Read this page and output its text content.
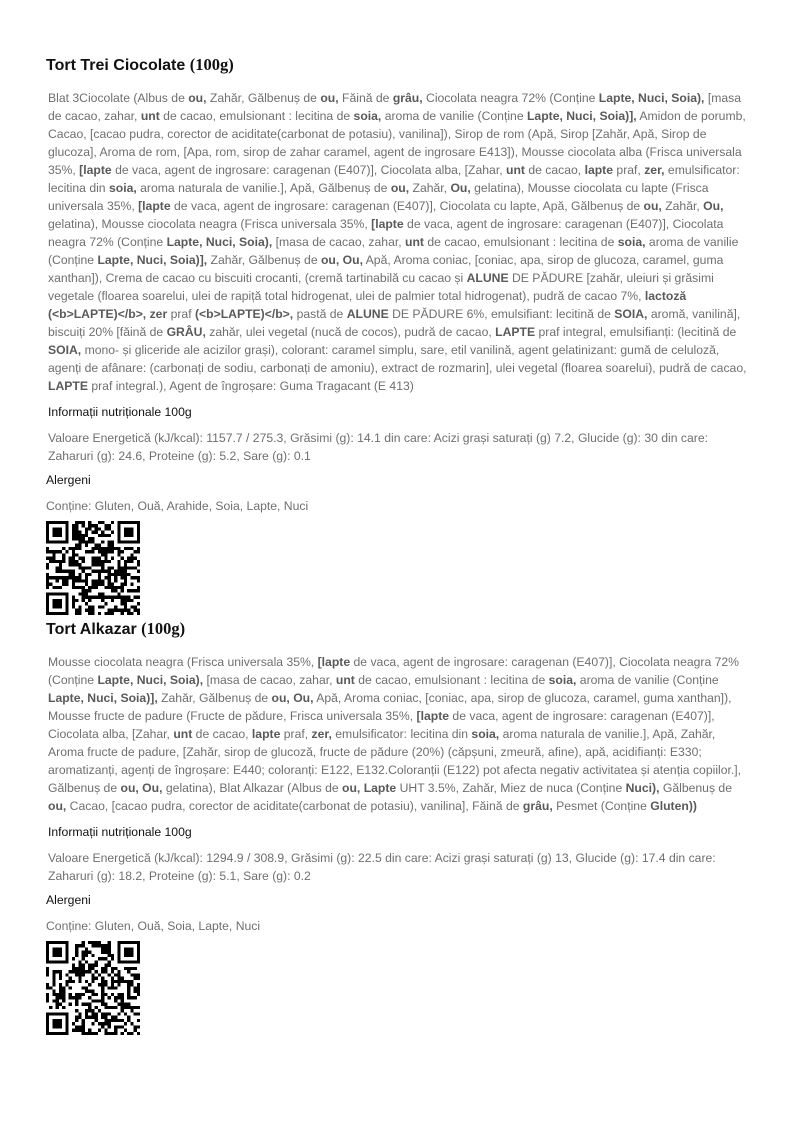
Tort Trei Ciocolate (100g)

Blat 3Ciocolate (Albus de ou, Zahăr, Gălbenuș de ou, Făină de grâu, Ciocolata neagra 72% (Conține Lapte, Nuci, Soia), [masa de cacao, zahar, unt de cacao, emulsionant : lecitina de soia, aroma de vanilie (Conține Lapte, Nuci, Soia)], Amidon de porumb, Cacao, [cacao pudra, corector de aciditate(carbonat de potasiu), vanilina]), Sirop de rom (Apă, Sirop [Zahăr, Apă, Sirop de glucoza], Aroma de rom, [Apa, rom, sirop de zahar caramel, agent de ingrosare E413]), Mousse ciocolata alba (Frisca universala 35%, [lapte de vaca, agent de ingrosare: caragenan (E407)], Ciocolata alba, [Zahar, unt de cacao, lapte praf, zer, emulsificator: lecitina din soia, aroma naturala de vanilie.], Apă, Gălbenuș de ou, Zahăr, Ou, gelatina), Mousse ciocolata cu lapte (Frisca universala 35%, [lapte de vaca, agent de ingrosare: caragenan (E407)], Ciocolata cu lapte, Apă, Gălbenuș de ou, Zahăr, Ou, gelatina), Mousse ciocolata neagra (Frisca universala 35%, [lapte de vaca, agent de ingrosare: caragenan (E407)], Ciocolata neagra 72% (Conține Lapte, Nuci, Soia), [masa de cacao, zahar, unt de cacao, emulsionant : lecitina de soia, aroma de vanilie (Conține Lapte, Nuci, Soia)], Zahăr, Gălbenuș de ou, Ou, Apă, Aroma coniac, [coniac, apa, sirop de glucoza, caramel, guma xanthan]), Crema de cacao cu biscuiti crocanti, (cremă tartinabilă cu cacao și ALUNE DE PĂDURE [zahăr, uleiuri și grăsimi vegetale (floarea soarelui, ulei de rapiță total hidrogenat, ulei de palmier total hidrogenat), pudră de cacao 7%, lactoză (<b>LAPTE)</b>, zer praf (<b>LAPTE)</b>, pastă de ALUNE DE PĂDURE 6%, emulsifiant: lecitină de SOIA, aromă, vanilină], biscuiți 20% [făină de GRÂU, zahăr, ulei vegetal (nucă de cocos), pudră de cacao, LAPTE praf integral, emulsifianți: (lecitină de SOIA, mono- și gliceride ale acizilor grași), colorant: caramel simplu, sare, etil vanilină, agent gelatinizant: gumă de celuloză, agenți de afânare: (carbonați de sodiu, carbonați de amoniu), extract de rozmarin], ulei vegetal (floarea soarelui), pudră de cacao, LAPTE praf integral.), Agent de îngroșare: Guma Tragacant (E 413)

Informații nutriționale 100g

Valoare Energetică (kJ/kcal): 1157.7 / 275.3, Grăsimi (g): 14.1 din care: Acizi grași saturați (g) 7.2, Glucide (g): 30 din care: Zaharuri (g): 24.6, Proteine (g): 5.2, Sare (g): 0.1

Alergeni

Conține: Gluten, Ouă, Arahide, Soia, Lapte, Nuci

Tort Alkazar (100g)

Mousse ciocolata neagra (Frisca universala 35%, [lapte de vaca, agent de ingrosare: caragenan (E407)], Ciocolata neagra 72% (Conține Lapte, Nuci, Soia), [masa de cacao, zahar, unt de cacao, emulsionant : lecitina de soia, aroma de vanilie (Conține Lapte, Nuci, Soia)], Zahăr, Gălbenuș de ou, Ou, Apă, Aroma coniac, [coniac, apa, sirop de glucoza, caramel, guma xanthan]), Mousse fructe de padure (Fructe de pădure, Frisca universala 35%, [lapte de vaca, agent de ingrosare: caragenan (E407)], Ciocolata alba, [Zahar, unt de cacao, lapte praf, zer, emulsificator: lecitina din soia, aroma naturala de vanilie.], Apă, Zahăr, Aroma fructe de padure, [Zahăr, sirop de glucoză, fructe de pădure (20%) (căpșuni, zmeură, afine), apă, acidifianți: E330; aromatizanți, agenți de îngroșare: E440; coloranți: E122, E132.Coloranții (E122) pot afecta negativ activitatea și atenția copiilor.], Gălbenuș de ou, Ou, gelatina), Blat Alkazar (Albus de ou, Lapte UHT 3.5%, Zahăr, Miez de nuca (Conține Nuci), Gălbenuș de ou, Cacao, [cacao pudra, corector de aciditate(carbonat de potasiu), vanilina], Făină de grâu, Pesmet (Conține Gluten))

Informații nutriționale 100g

Valoare Energetică (kJ/kcal): 1294.9 / 308.9, Grăsimi (g): 22.5 din care: Acizi grași saturați (g) 13, Glucide (g): 17.4 din care: Zaharuri (g): 18.2, Proteine (g): 5.1, Sare (g): 0.2

Alergeni

Conține: Gluten, Ouă, Soia, Lapte, Nuci
